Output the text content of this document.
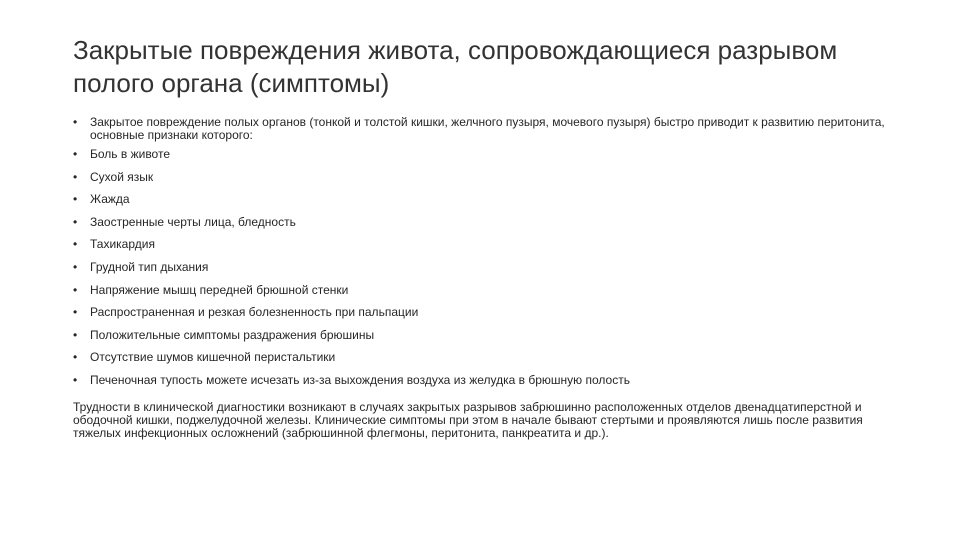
Закрытые повреждения живота, сопровождающиеся разрывом полого органа (симптомы)
• Закрытое повреждение полых органов (тонкой и толстой кишки, желчного пузыря, мочевого пузыря) быстро приводит к развитию перитонита, основные признаки которого:
• Боль в животе
• Сухой язык
• Жажда
• Заостренные черты лица, бледность
• Тахикардия
• Грудной тип дыхания
• Напряжение мышц передней брюшной стенки
• Распространенная и резкая болезненность при пальпации
• Положительные симптомы раздражения брюшины
• Отсутствие шумов кишечной перистальтики
• Печеночная тупость можете исчезать из-за выхождения воздуха из желудка в брюшную полость

Трудности в клинической диагностики возникают в случаях закрытых разрывов забрюшинно расположенных отделов двенадцатиперстной и ободочной кишки, поджелудочной железы. Клинические симптомы при этом в начале бывают стертыми и проявляются лишь после развития тяжелых инфекционных осложнений (забрюшинной флегмоны, перитонита, панкреатита и др.).
